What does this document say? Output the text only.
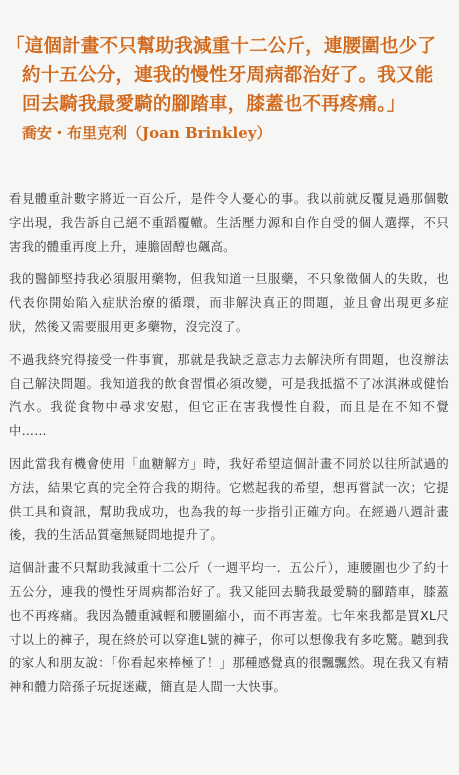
「這個計畫不只幫助我減重十二公斤，連腰圍也少了約十五公分，連我的慢性牙周病都治好了。我又能回去騎我最愛騎的腳踏車，膝蓋也不再疼痛。」

喬安・布里克利（Joan Brinkley）

看見體重計數字將近一百公斤，是件令人憂心的事。我以前就反覆見過那個數字出現，我告訴自己絕不重蹈覆轍。生活壓力源和自作自受的個人選擇，不只害我的體重再度上升，連膽固醇也飆高。

我的醫師堅持我必須服用藥物，但我知道一旦服藥，不只象徵個人的失敗，也代表你開始陷入症狀治療的循環，而非解決真正的問題，並且會出現更多症狀，然後又需要服用更多藥物，沒完沒了。

不過我終究得接受一件事實，那就是我缺乏意志力去解決所有問題，也沒辦法自己解決問題。我知道我的飲食習慣必須改變，可是我抵擋不了冰淇淋或健怡汽水。我從食物中尋求安慰，但它正在害我慢性自殺，而且是在不知不覺中……

因此當我有機會使用「血糖解方」時，我好希望這個計畫不同於以往所試過的方法，結果它真的完全符合我的期待。它燃起我的希望，想再嘗試一次；它提供工具和資訊，幫助我成功，也為我的每一步指引正確方向。在經過八週計畫後，我的生活品質毫無疑問地提升了。

這個計畫不只幫助我減重十二公斤（一週平均一．五公斤），連腰圍也少了約十五公分，連我的慢性牙周病都治好了。我又能回去騎我最愛騎的腳踏車，膝蓋也不再疼痛。我因為體重減輕和腰圍縮小，而不再害羞。七年來我都是買XL尺寸以上的褲子，現在終於可以穿進L號的褲子，你可以想像我有多吃驚。聽到我的家人和朋友說：「你看起來棒極了！」那種感覺真的很飄飄然。現在我又有精神和體力陪孫子玩捉迷藏，簡直是人間一大快事。
